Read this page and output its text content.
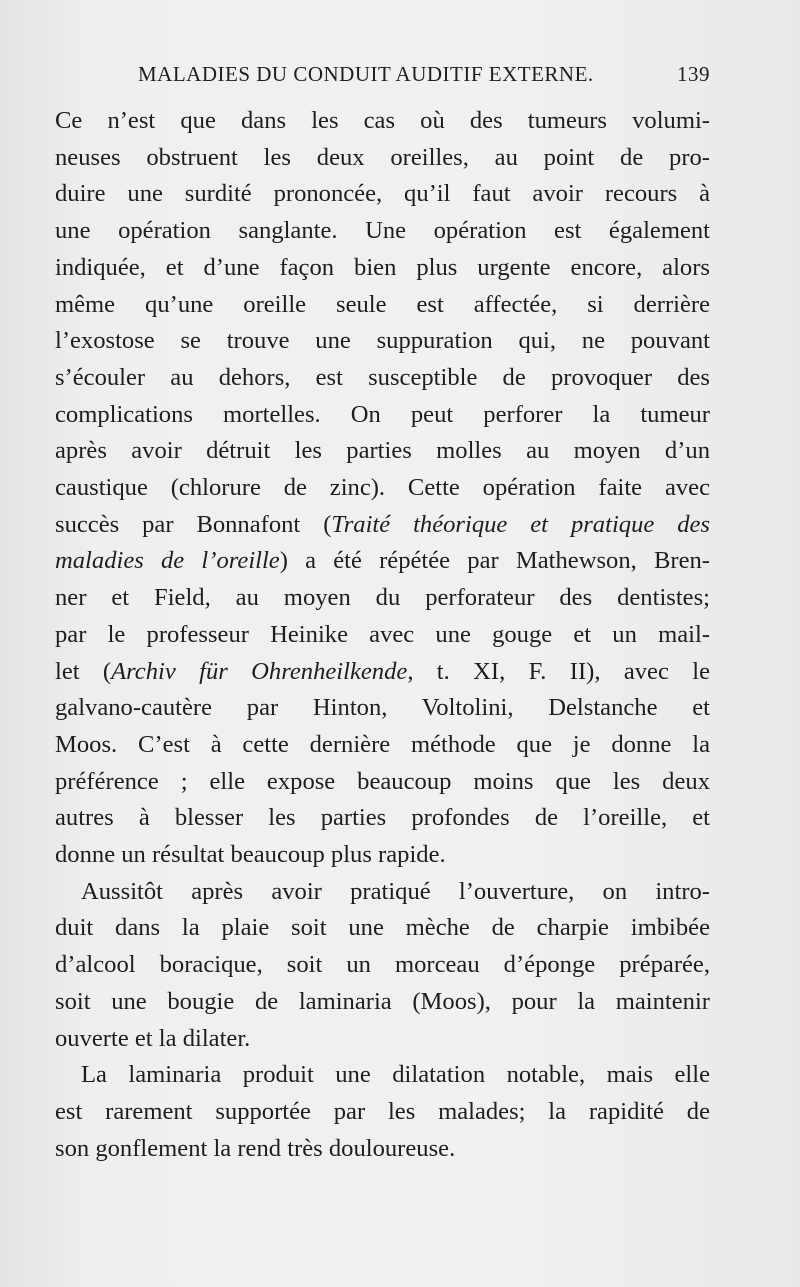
MALADIES DU CONDUIT AUDITIF EXTERNE.	139
Ce n’est que dans les cas où des tumeurs volumi-
neuses obstruent les deux oreilles, au point de pro-
duire une surdité prononcée, qu’il faut avoir recours à
une opération sanglante. Une opération est également
indiquée, et d’une façon bien plus urgente encore, alors
même qu’une oreille seule est affectée, si derrière
l’exostose se trouve une suppuration qui, ne pouvant
s’écouler au dehors, est susceptible de provoquer des
complications mortelles. On peut perforer la tumeur
après avoir détruit les parties molles au moyen d’un
caustique (chlorure de zinc). Cette opération faite avec
succès par Bonnafont (Traité théorique et pratique des
maladies de l’oreille) a été répétée par Mathewson, Bren-
ner et Field, au moyen du perforateur des dentistes;
par le professeur Heinike avec une gouge et un mail-
let (Archiv für Ohrenheilkende, t. XI, F. II), avec le
galvano-cautère par Hinton, Voltolini, Delstanche et
Moos. C’est à cette dernière méthode que je donne la
préférence ; elle expose beaucoup moins que les deux
autres à blesser les parties profondes de l’oreille, et
donne un résultat beaucoup plus rapide.
Aussitôt après avoir pratiqué l’ouverture, on intro-
duit dans la plaie soit une mèche de charpie imbibée
d’alcool boracique, soit un morceau d’éponge préparée,
soit une bougie de laminaria (Moos), pour la maintenir
ouverte et la dilater.
La laminaria produit une dilatation notable, mais elle
est rarement supportée par les malades; la rapidité de
son gonflement la rend très douloureuse.
